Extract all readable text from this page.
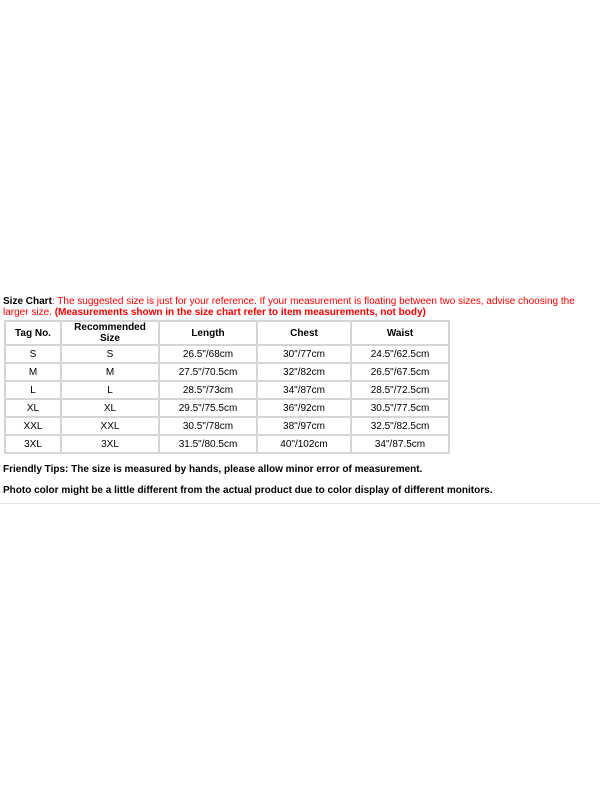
Size Chart: The suggested size is just for your reference. If your measurement is floating between two sizes, advise choosing the larger size. (Measurements shown in the size chart refer to item measurements, not body)

Tag No.	Recommended Size	Length	Chest	Waist
S	S	26.5"/68cm	30"/77cm	24.5"/62.5cm
M	M	27.5"/70.5cm	32"/82cm	26.5"/67.5cm
L	L	28.5"/73cm	34"/87cm	28.5"/72.5cm
XL	XL	29.5"/75.5cm	36"/92cm	30.5"/77.5cm
XXL	XXL	30.5"/78cm	38"/97cm	32.5"/82.5cm
3XL	3XL	31.5"/80.5cm	40"/102cm	34"/87.5cm

Friendly Tips: The size is measured by hands, please allow minor error of measurement.

Photo color might be a little different from the actual product due to color display of different monitors.
